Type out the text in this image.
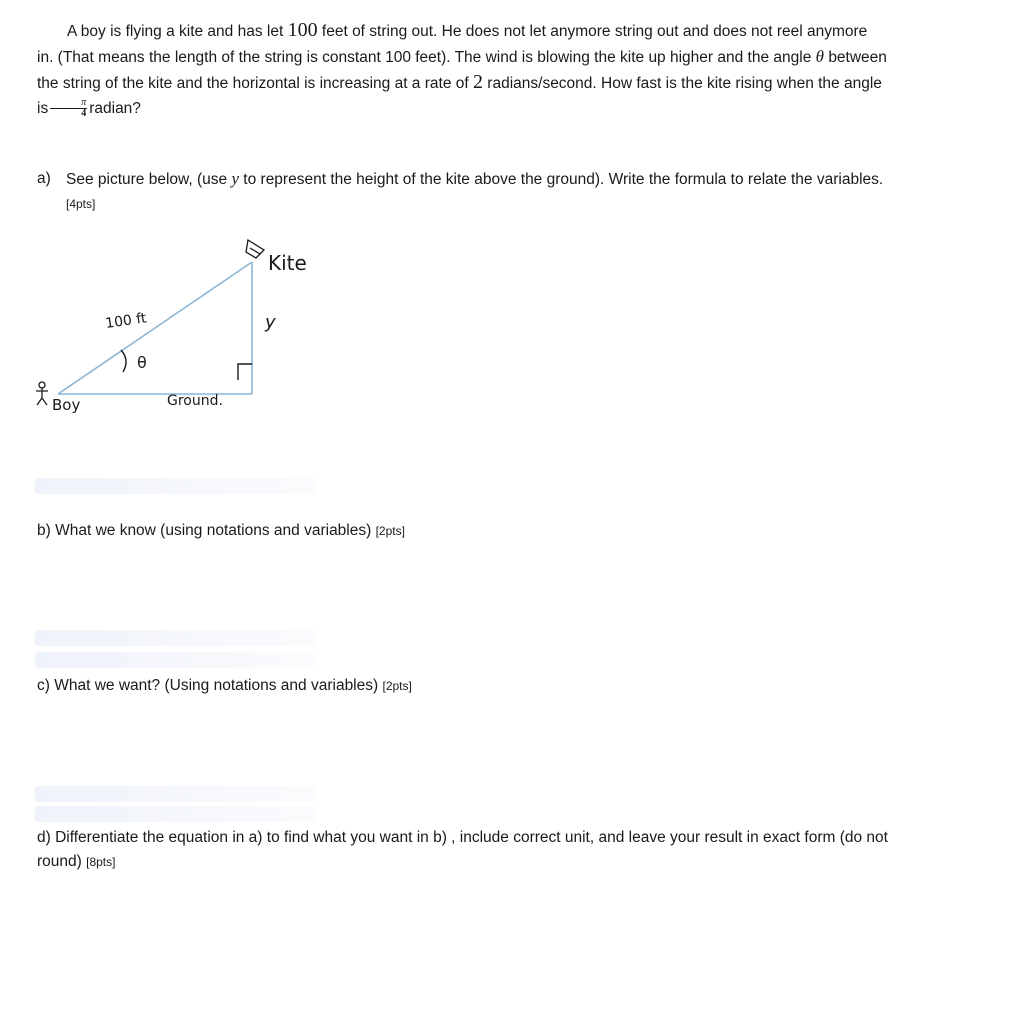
A boy is flying a kite and has let 100 feet of string out. He does not let anymore string out and does not reel anymore in. (That means the length of the string is constant 100 feet). The wind is blowing the kite up higher and the angle θ between the string of the kite and the horizontal is increasing at a rate of 2 radians/second. How fast is the kite rising when the angle is $\frac{\pi}{4}$ radian?

a) See picture below, (use y to represent the height of the kite above the ground). Write the formula to relate the variables. [4pts]
Kite
100 ft	y
θ
Boy	Ground.
b) What we know (using notations and variables) [2pts]
c) What we want? (Using notations and variables) [2pts]
d) Differentiate the equation in a) to find what you want in b) , include correct unit, and leave your result in exact form (do not round) [8pts]
